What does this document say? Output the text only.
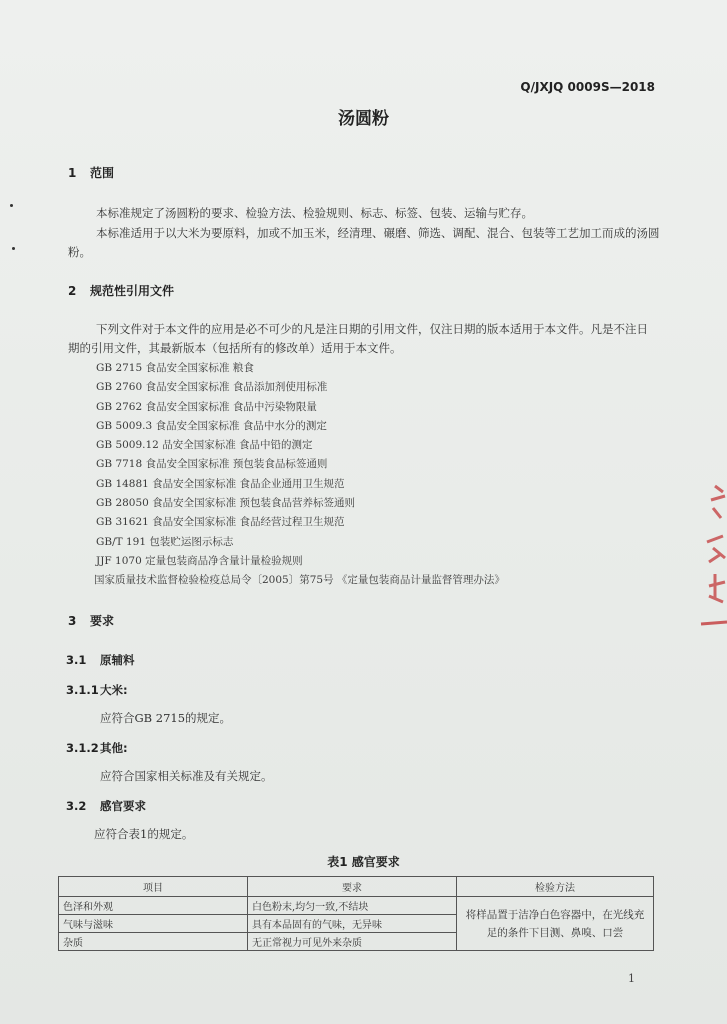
Q/JXJQ 0009S—2018
汤圆粉
1 范围
本标准规定了汤圆粉的要求、检验方法、检验规则、标志、标签、包装、运输与贮存。
本标准适用于以大米为要原料，加或不加玉米，经清理、碾磨、筛选、调配、混合、包装等工艺加工而成的汤圆粉。
2 规范性引用文件
下列文件对于本文件的应用是必不可少的凡是注日期的引用文件，仅注日期的版本适用于本文件。凡是不注日期的引用文件，其最新版本（包括所有的修改单）适用于本文件。
GB 2715 食品安全国家标准 粮食
GB 2760 食品安全国家标准 食品添加剂使用标准
GB 2762 食品安全国家标准 食品中污染物限量
GB 5009.3 食品安全国家标准 食品中水分的测定
GB 5009.12 品安全国家标准 食品中铅的测定
GB 7718 食品安全国家标准 预包装食品标签通则
GB 14881 食品安全国家标准 食品企业通用卫生规范
GB 28050 食品安全国家标准 预包装食品营养标签通则
GB 31621 食品安全国家标准 食品经营过程卫生规范
GB/T 191 包装贮运图示标志
JJF 1070 定量包装商品净含量计量检验规则
国家质量技术监督检验检疫总局令〔2005〕第75号 《定量包装商品计量监督管理办法》
3 要求
3.1 原辅料
3.1.1大米:
应符合GB 2715的规定。
3.1.2其他:
应符合国家相关标准及有关规定。
3.2 感官要求
应符合表1的规定。
表1 感官要求
项目	要求	检验方法
色泽和外观	白色粉末,均匀一致,不结块	将样品置于洁净白色容器中，在光线充足的条件下目测、鼻嗅、口尝
气味与滋味	具有本品固有的气味，无异味	
杂质	无正常视力可见外来杂质	
1
